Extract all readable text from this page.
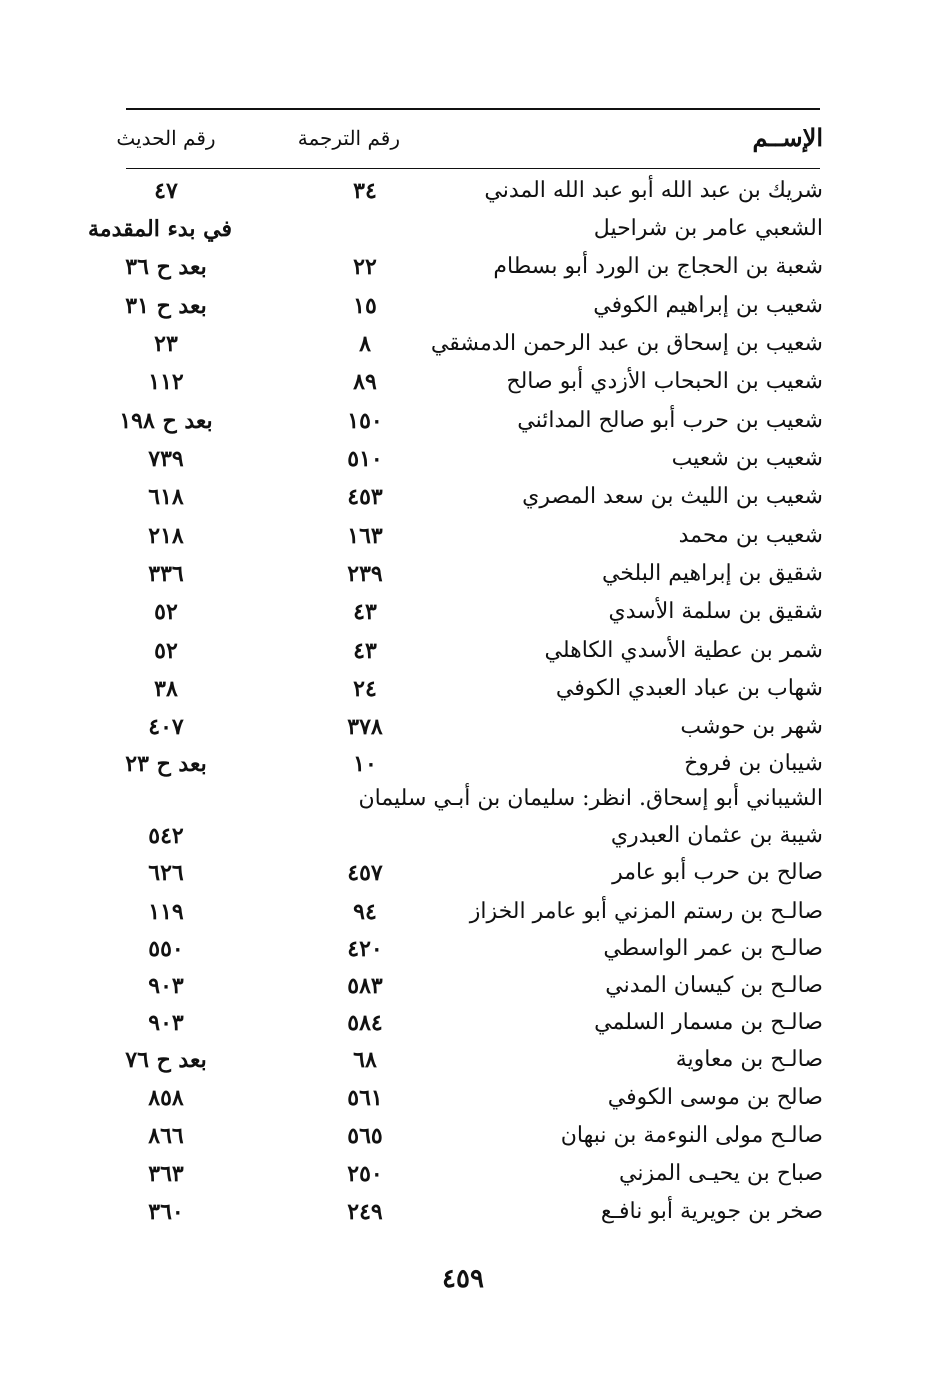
الإســم
رقم الترجمة
رقم الحديث
شريك بن عبد الله أبو عبد الله المدني
٣٤
٤٧
الشعبي عامر بن شراحيل
في بدء المقدمة
شعبة بن الحجاج بن الورد أبو بسطام
٢٢
بعد ح ٣٦
شعيب بن إبراهيم الكوفي
١٥
بعد ح ٣١
شعيب بن إسحاق بن عبد الرحمن الدمشقي
٨
٢٣
شعيب بن الحبحاب الأزدي أبو صالح
٨٩
١١٢
شعيب بن حرب أبو صالح المدائني
١٥٠
بعد ح ١٩٨
شعيب بن شعيب
٥١٠
٧٣٩
شعيب بن الليث بن سعد المصري
٤٥٣
٦١٨
شعيب بن محمد
١٦٣
٢١٨
شقيق بن إبراهيم البلخي
٢٣٩
٣٣٦
شقيق بن سلمة الأسدي
٤٣
٥٢
شمر بن عطية الأسدي الكاهلي
٤٣
٥٢
شهاب بن عباد العبدي الكوفي
٢٤
٣٨
شهر بن حوشب
٣٧٨
٤٠٧
شيبان بن فروخ
١٠
بعد ح ٢٣
الشيباني أبو إسحاق. انظر: سليمان بن أبـي سليمان
شيبة بن عثمان العبدري
٥٤٢
صالح بن حرب أبو عامر
٤٥٧
٦٢٦
صالـح بن رستم المزني أبو عامر الخزاز
٩٤
١١٩
صالـح بن عمر الواسطي
٤٢٠
٥٥٠
صالـح بن كيسان المدني
٥٨٣
٩٠٣
صالـح بن مسمار السلمي
٥٨٤
٩٠٣
صالـح بن معاوية
٦٨
بعد ح ٧٦
صالح بن موسى الكوفي
٥٦١
٨٥٨
صالـح مولى النوءمة بن نبهان
٥٦٥
٨٦٦
صباح بن يحيـى المزني
٢٥٠
٣٦٣
صخر بن جويرية أبو نافـع
٢٤٩
٣٦٠
٤٥٩
